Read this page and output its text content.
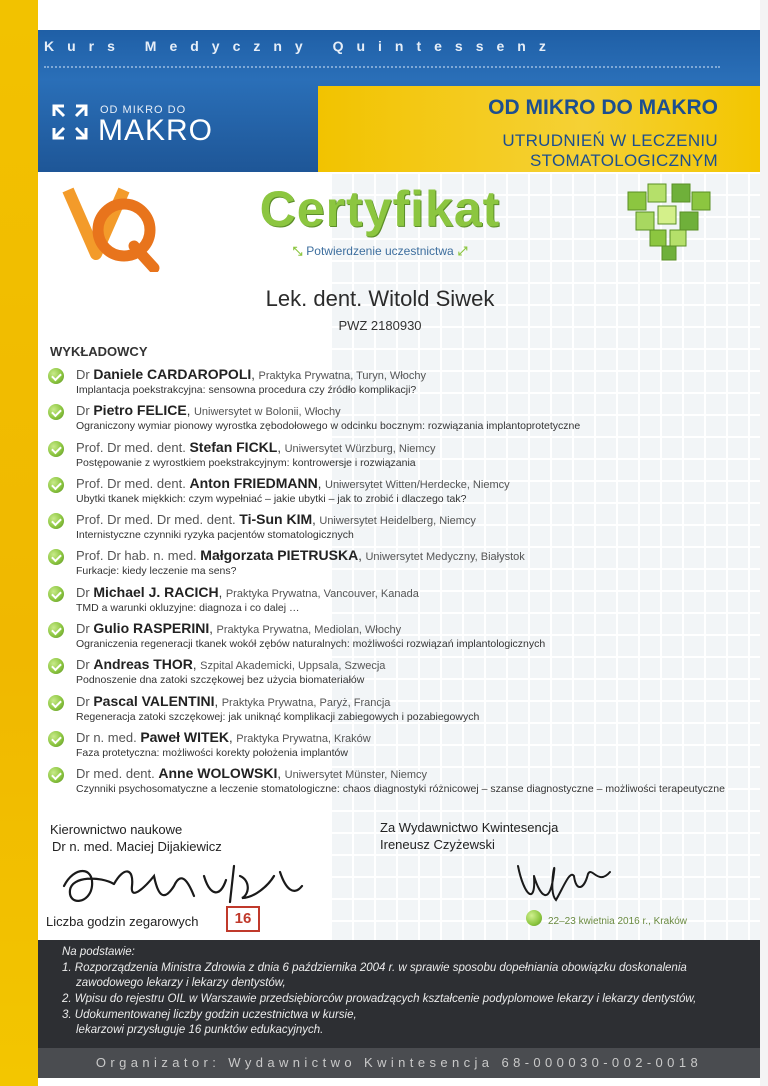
Kurs Medyczny Quintessenz
OD MIKRO DO
MAKRO
OD MIKRO DO MAKRO
UTRUDNIEŃ W LECZENIU STOMATOLOGICZNYM
Certyfikat
⤡ Potwierdzenie uczestnictwa ⤢
Lek. dent. Witold Siwek
PWZ 2180930
WYKŁADOWCY
Dr Daniele CARDAROPOLI, Praktyka Prywatna, Turyn, Włochy
Implantacja poekstrakcyjna: sensowna procedura czy źródło komplikacji?
Dr Pietro FELICE, Uniwersytet w Bolonii, Włochy
Ograniczony wymiar pionowy wyrostka zębodołowego w odcinku bocznym: rozwiązania implantoprotetyczne
Prof. Dr med. dent. Stefan FICKL, Uniwersytet Würzburg, Niemcy
Postępowanie z wyrostkiem poekstrakcyjnym: kontrowersje i rozwiązania
Prof. Dr med. dent. Anton FRIEDMANN, Uniwersytet Witten/Herdecke, Niemcy
Ubytki tkanek miękkich: czym wypełniać – jakie ubytki – jak to zrobić i dlaczego tak?
Prof. Dr med. Dr med. dent. Ti-Sun KIM, Uniwersytet Heidelberg, Niemcy
Internistyczne czynniki ryzyka pacjentów stomatologicznych
Prof. Dr hab. n. med. Małgorzata PIETRUSKA, Uniwersytet Medyczny, Białystok
Furkacje: kiedy leczenie ma sens?
Dr Michael J. RACICH, Praktyka Prywatna, Vancouver, Kanada
TMD a warunki okluzyjne: diagnoza i co dalej …
Dr Gulio RASPERINI, Praktyka Prywatna, Mediolan, Włochy
Ograniczenia regeneracji tkanek wokół zębów naturalnych: możliwości rozwiązań implantologicznych
Dr Andreas THOR, Szpital Akademicki, Uppsala, Szwecja
Podnoszenie dna zatoki szczękowej bez użycia biomateriałów
Dr Pascal VALENTINI, Praktyka Prywatna, Paryż, Francja
Regeneracja zatoki szczękowej: jak uniknąć komplikacji zabiegowych i pozabiegowych
Dr n. med. Paweł WITEK, Praktyka Prywatna, Kraków
Faza protetyczna: możliwości korekty położenia implantów
Dr med. dent. Anne WOLOWSKI, Uniwersytet Münster, Niemcy
Czynniki psychosomatyczne a leczenie stomatologiczne: chaos diagnostyki różnicowej – szanse diagnostyczne – możliwości terapeutyczne
Kierownictwo naukowe
Dr n. med. Maciej Dijakiewicz
Za Wydawnictwo Kwintesencja
Ireneusz Czyżewski
Liczba godzin zegarowych	16	22–23 kwietnia 2016 r., Kraków

Na podstawie:

1. Rozporządzenia Ministra Zdrowia z dnia 6 października 2004 r. w sprawie sposobu dopełniania obowiązku doskonalenia

zawodowego lekarzy i lekarzy dentystów,

2. Wpisu do rejestru OIL w Warszawie przedsiębiorców prowadzących kształcenie podyplomowe lekarzy i lekarzy dentystów,

3. Udokumentowanej liczby godzin uczestnictwa w kursie,

lekarzowi przysługuje 16 punktów edukacyjnych.

Organizator: Wydawnictwo Kwintesencja 68-000030-002-0018
